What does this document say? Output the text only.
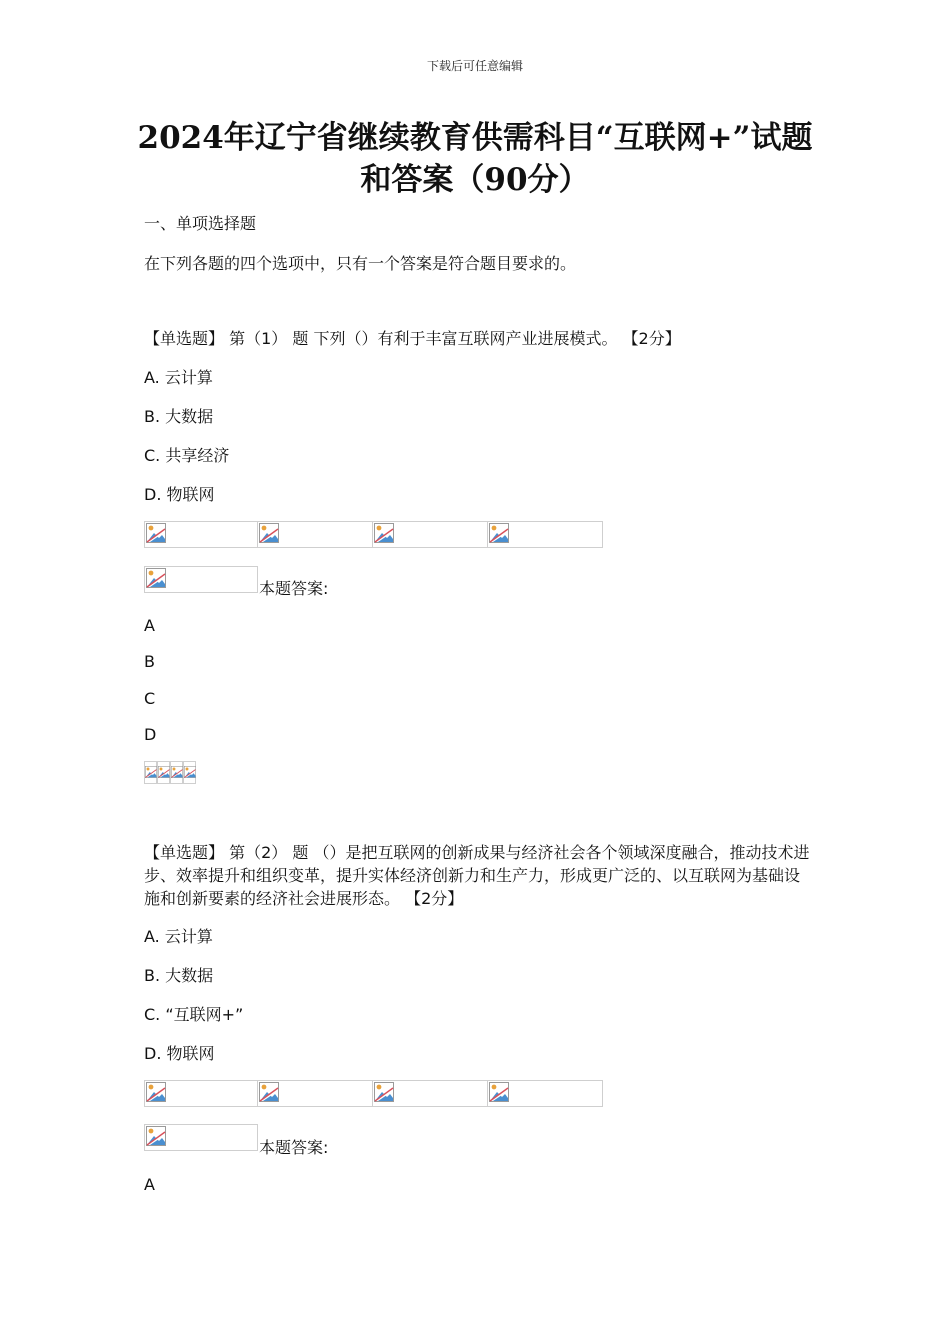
下载后可任意编辑
2024年辽宁省继续教育供需科目“互联网+”试题和答案（90分）
一、单项选择题
在下列各题的四个选项中，只有一个答案是符合题目要求的。
【单选题】 第（1） 题 下列（）有利于丰富互联网产业进展模式。 【2分】
A. 云计算
B. 大数据
C. 共享经济
D. 物联网
本题答案:
A
B
C
D
【单选题】 第（2） 题 （）是把互联网的创新成果与经济社会各个领域深度融合，推动技术进步、效率提升和组织变革，提升实体经济创新力和生产力，形成更广泛的、以互联网为基础设施和创新要素的经济社会进展形态。 【2分】
A. 云计算
B. 大数据
C. “互联网+”
D. 物联网
本题答案:
A
